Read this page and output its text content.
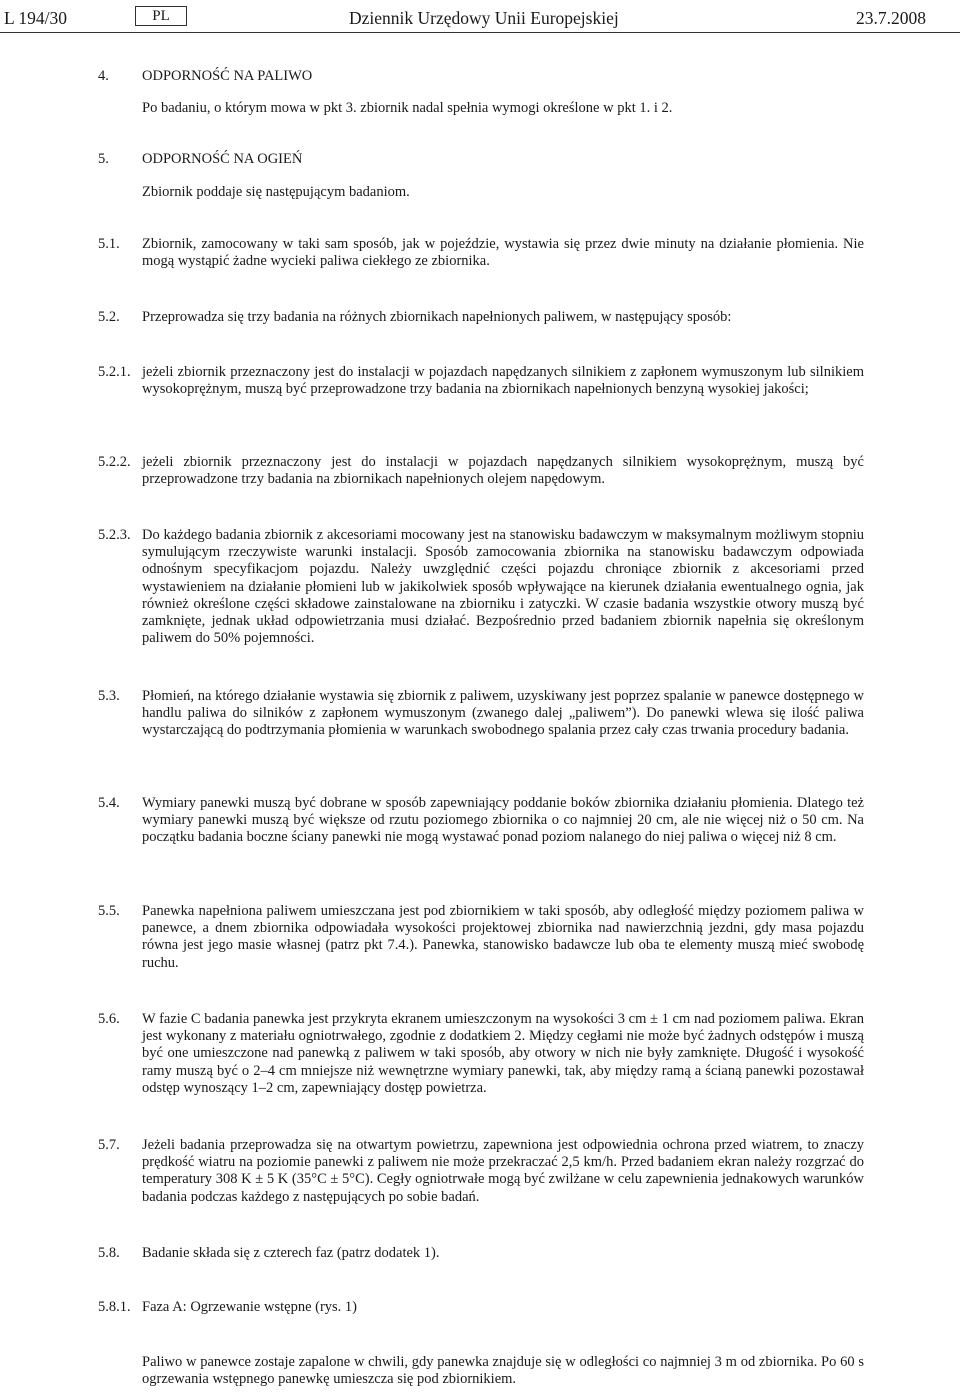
L 194/30	PL	Dziennik Urzędowy Unii Europejskiej	23.7.2008
4. ODPORNOŚĆ NA PALIWO
Po badaniu, o którym mowa w pkt 3. zbiornik nadal spełnia wymogi określone w pkt 1. i 2.
5. ODPORNOŚĆ NA OGIEŃ
Zbiornik poddaje się następującym badaniom.
5.1. Zbiornik, zamocowany w taki sam sposób, jak w pojeździe, wystawia się przez dwie minuty na działanie płomienia. Nie mogą wystąpić żadne wycieki paliwa ciekłego ze zbiornika.
5.2. Przeprowadza się trzy badania na różnych zbiornikach napełnionych paliwem, w następujący sposób:
5.2.1. jeżeli zbiornik przeznaczony jest do instalacji w pojazdach napędzanych silnikiem z zapłonem wymuszonym lub silnikiem wysokoprężnym, muszą być przeprowadzone trzy badania na zbiornikach napełnionych benzyną wysokiej jakości;
5.2.2. jeżeli zbiornik przeznaczony jest do instalacji w pojazdach napędzanych silnikiem wysokoprężnym, muszą być przeprowadzone trzy badania na zbiornikach napełnionych olejem napędowym.
5.2.3. Do każdego badania zbiornik z akcesoriami mocowany jest na stanowisku badawczym w maksymalnym możliwym stopniu symulującym rzeczywiste warunki instalacji. Sposób zamocowania zbiornika na stanowisku badawczym odpowiada odnośnym specyfikacjom pojazdu. Należy uwzględnić części pojazdu chroniące zbiornik z akcesoriami przed wystawieniem na działanie płomieni lub w jakikolwiek sposób wpływające na kierunek działania ewentualnego ognia, jak również określone części składowe zainstalowane na zbiorniku i zatyczki. W czasie badania wszystkie otwory muszą być zamknięte, jednak układ odpowietrzania musi działać. Bezpośrednio przed badaniem zbiornik napełnia się określonym paliwem do 50% pojemności.
5.3. Płomień, na którego działanie wystawia się zbiornik z paliwem, uzyskiwany jest poprzez spalanie w panewce dostępnego w handlu paliwa do silników z zapłonem wymuszonym (zwanego dalej „paliwem”). Do panewki wlewa się ilość paliwa wystarczającą do podtrzymania płomienia w warunkach swobodnego spalania przez cały czas trwania procedury badania.
5.4. Wymiary panewki muszą być dobrane w sposób zapewniający poddanie boków zbiornika działaniu płomienia. Dlatego też wymiary panewki muszą być większe od rzutu poziomego zbiornika o co najmniej 20 cm, ale nie więcej niż o 50 cm. Na początku badania boczne ściany panewki nie mogą wystawać ponad poziom nalanego do niej paliwa o więcej niż 8 cm.
5.5. Panewka napełniona paliwem umieszczana jest pod zbiornikiem w taki sposób, aby odległość między poziomem paliwa w panewce, a dnem zbiornika odpowiadała wysokości projektowej zbiornika nad nawierzchnią jezdni, gdy masa pojazdu równa jest jego masie własnej (patrz pkt 7.4.). Panewka, stanowisko badawcze lub oba te elementy muszą mieć swobodę ruchu.
5.6. W fazie C badania panewka jest przykryta ekranem umieszczonym na wysokości 3 cm ± 1 cm nad poziomem paliwa. Ekran jest wykonany z materiału ogniotrwałego, zgodnie z dodatkiem 2. Między cegłami nie może być żadnych odstępów i muszą być one umieszczone nad panewką z paliwem w taki sposób, aby otwory w nich nie były zamknięte. Długość i wysokość ramy muszą być o 2–4 cm mniejsze niż wewnętrzne wymiary panewki, tak, aby między ramą a ścianą panewki pozostawał odstęp wynoszący 1–2 cm, zapewniający dostęp powietrza.
5.7. Jeżeli badania przeprowadza się na otwartym powietrzu, zapewniona jest odpowiednia ochrona przed wiatrem, to znaczy prędkość wiatru na poziomie panewki z paliwem nie może przekraczać 2,5 km/h. Przed badaniem ekran należy rozgrzać do temperatury 308 K ± 5 K (35°C ± 5°C). Cegły ogniotrwałe mogą być zwilżane w celu zapewnienia jednakowych warunków badania podczas każdego z następujących po sobie badań.
5.8. Badanie składa się z czterech faz (patrz dodatek 1).
5.8.1. Faza A: Ogrzewanie wstępne (rys. 1)
Paliwo w panewce zostaje zapalone w chwili, gdy panewka znajduje się w odległości co najmniej 3 m od zbiornika. Po 60 s ogrzewania wstępnego panewkę umieszcza się pod zbiornikiem.
